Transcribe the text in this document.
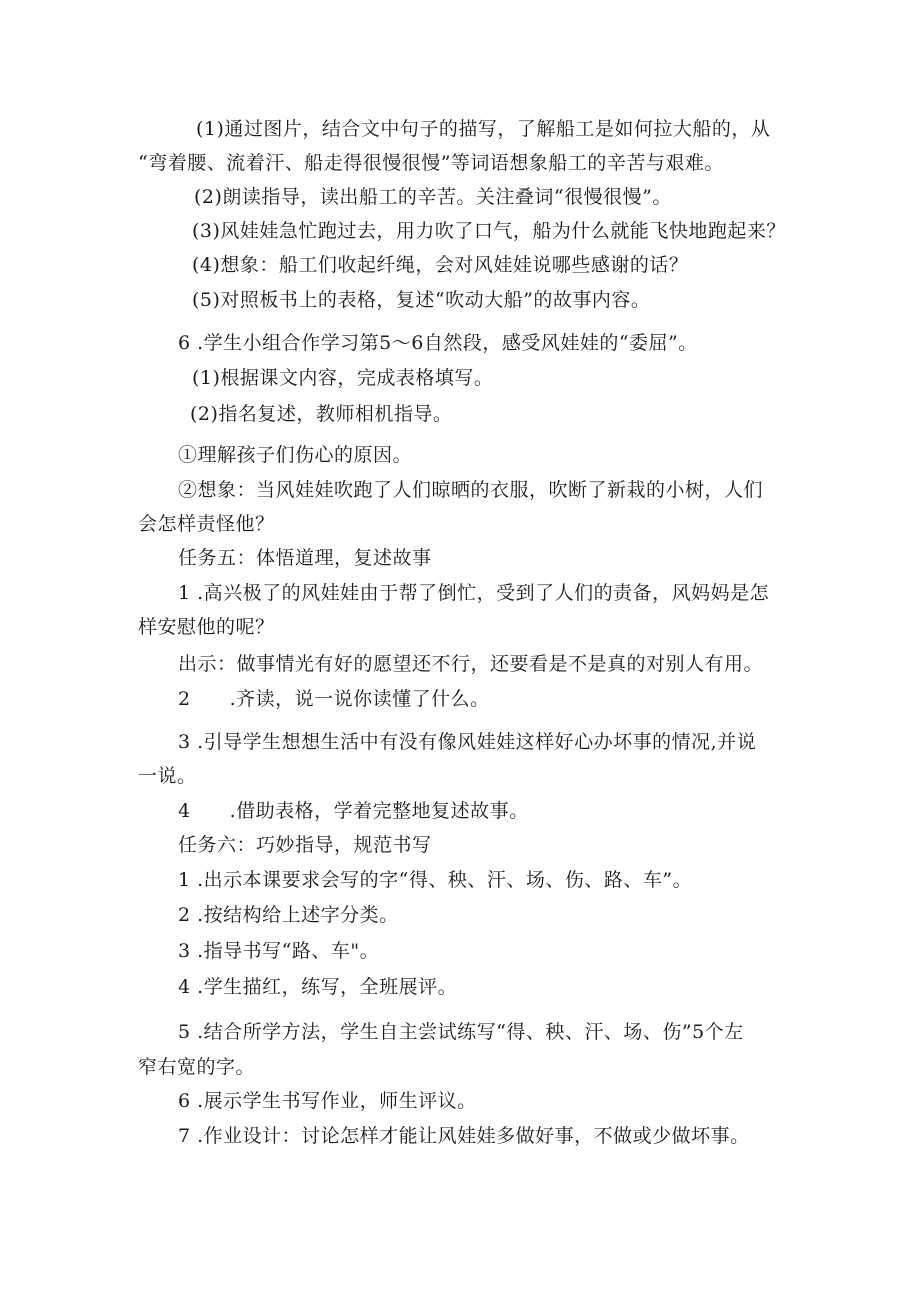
(1)通过图片，结合文中句子的描写，了解船工是如何拉大船的，从
“弯着腰、流着汗、船走得很慢很慢”等词语想象船工的辛苦与艰难。
(2)朗读指导，读出船工的辛苦。关注叠词“很慢很慢”。
(3)风娃娃急忙跑过去，用力吹了口气，船为什么就能飞快地跑起来？
(4)想象：船工们收起纤绳，会对风娃娃说哪些感谢的话？
(5)对照板书上的表格，复述“吹动大船”的故事内容。
6 .学生小组合作学习第5～6自然段，感受风娃娃的“委屈”。
(1)根据课文内容，完成表格填写。
(2)指名复述，教师相机指导。
①理解孩子们伤心的原因。
②想象：当风娃娃吹跑了人们晾晒的衣服，吹断了新栽的小树，人们
会怎样责怪他？
任务五：体悟道理，复述故事
1 .高兴极了的风娃娃由于帮了倒忙，受到了人们的责备，风妈妈是怎
样安慰他的呢？
出示：做事情光有好的愿望还不行，还要看是不是真的对别人有用。
2　　.齐读，说一说你读懂了什么。
3 .引导学生想想生活中有没有像风娃娃这样好心办坏事的情况,并说
一说。
4　　.借助表格，学着完整地复述故事。
任务六：巧妙指导，规范书写
1 .出示本课要求会写的字“得、秧、汗、场、伤、路、车”。
2 .按结构给上述字分类。
3 .指导书写“路、车"。
4 .学生描红，练写，全班展评。
5 .结合所学方法，学生自主尝试练写“得、秧、汗、场、伤”5个左
窄右宽的字。
6 .展示学生书写作业，师生评议。
7 .作业设计：讨论怎样才能让风娃娃多做好事，不做或少做坏事。
